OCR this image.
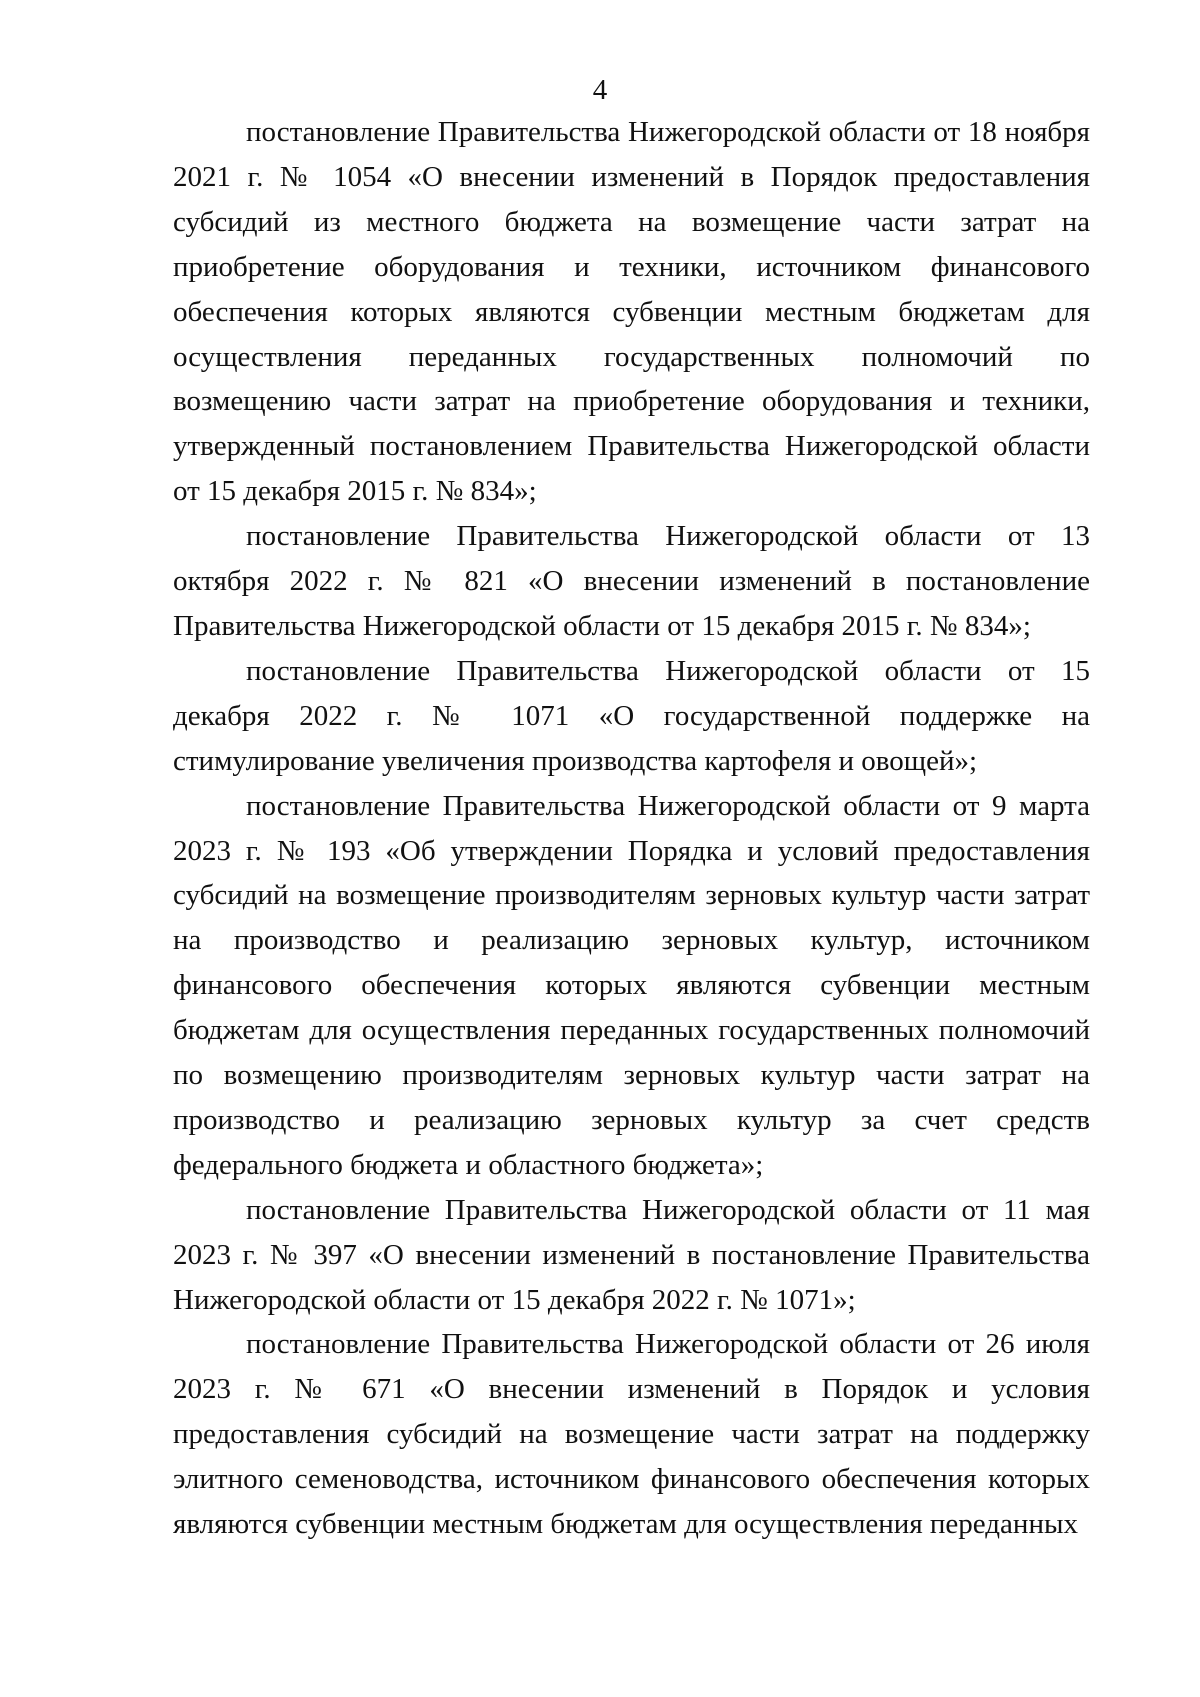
4

постановление Правительства Нижегородской области от 18 ноября 2021 г. № 1054 «О внесении изменений в Порядок предоставления субсидий из местного бюджета на возмещение части затрат на приобретение оборудования и техники, источником финансового обеспечения которых являются субвенции местным бюджетам для осуществления переданных государственных полномочий по возмещению части затрат на приобретение оборудования и техники, утвержденный постановлением Правительства Нижегородской области от 15 декабря 2015 г. № 834»;

постановление Правительства Нижегородской области от 13 октября 2022 г. № 821 «О внесении изменений в постановление Правительства Нижегородской области от 15 декабря 2015 г. № 834»;

постановление Правительства Нижегородской области от 15 декабря 2022 г. № 1071 «О государственной поддержке на стимулирование увеличения производства картофеля и овощей»;

постановление Правительства Нижегородской области от 9 марта 2023 г. № 193 «Об утверждении Порядка и условий предоставления субсидий на возмещение производителям зерновых культур части затрат на производство и реализацию зерновых культур, источником финансового обеспечения которых являются субвенции местным бюджетам для осуществления переданных государственных полномочий по возмещению производителям зерновых культур части затрат на производство и реализацию зерновых культур за счет средств федерального бюджета и областного бюджета»;

постановление Правительства Нижегородской области от 11 мая 2023 г. № 397 «О внесении изменений в постановление Правительства Нижегородской области от 15 декабря 2022 г. № 1071»;

постановление Правительства Нижегородской области от 26 июля 2023 г. № 671 «О внесении изменений в Порядок и условия предоставления субсидий на возмещение части затрат на поддержку элитного семеноводства, источником финансового обеспечения которых являются субвенции местным бюджетам для осуществления переданных
